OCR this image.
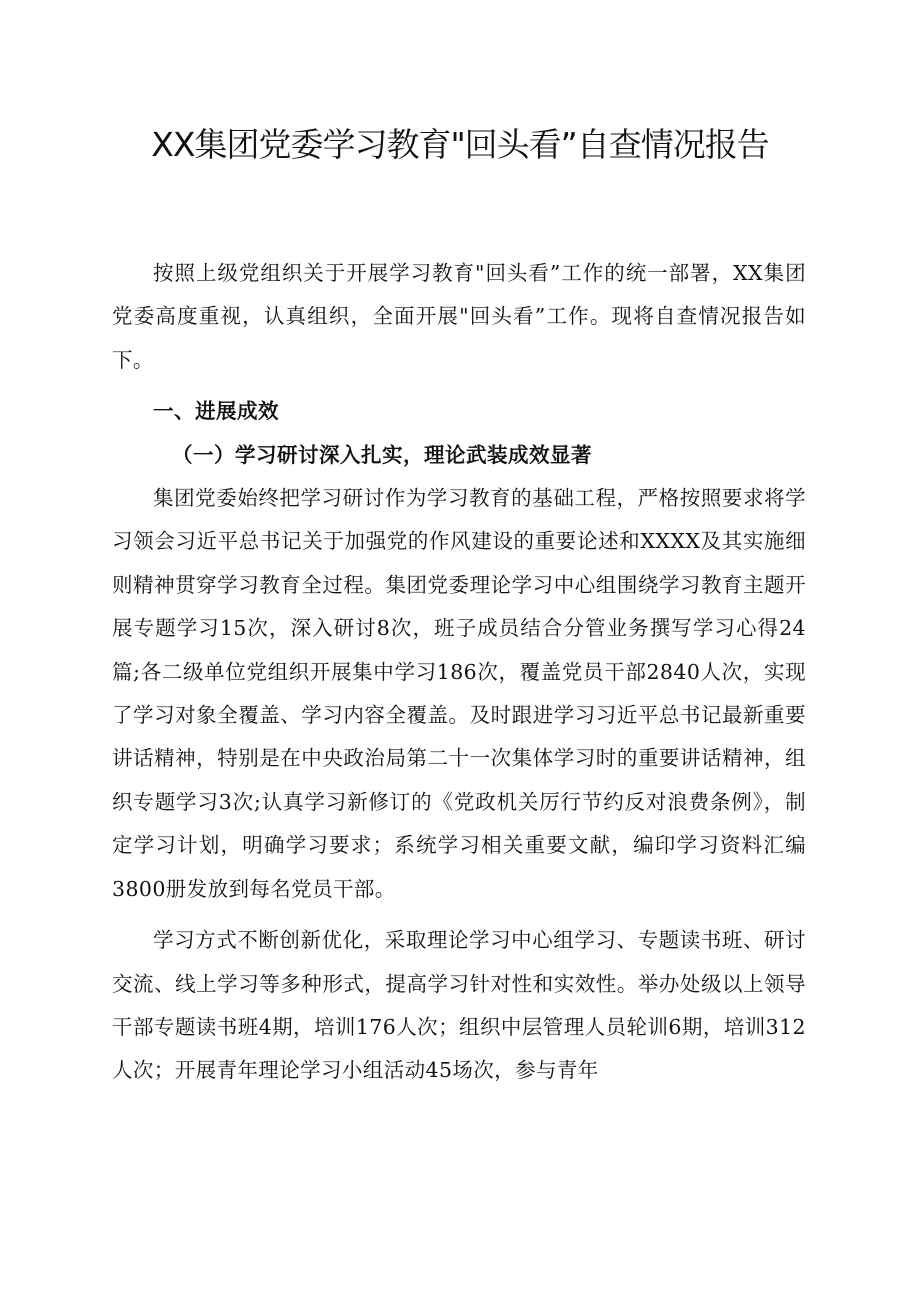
XX集团党委学习教育"回头看”自查情况报告

按照上级党组织关于开展学习教育"回头看”工作的统一部署，XX集团党委高度重视，认真组织，全面开展"回头看”工作。现将自查情况报告如下。

一、进展成效

（一）学习研讨深入扎实，理论武装成效显著

集团党委始终把学习研讨作为学习教育的基础工程，严格按照要求将学习领会习近平总书记关于加强党的作风建设的重要论述和XXXX及其实施细则精神贯穿学习教育全过程。集团党委理论学习中心组围绕学习教育主题开展专题学习15次，深入研讨8次，班子成员结合分管业务撰写学习心得24篇;各二级单位党组织开展集中学习186次，覆盖党员干部2840人次，实现了学习对象全覆盖、学习内容全覆盖。及时跟进学习习近平总书记最新重要讲话精神，特别是在中央政治局第二十一次集体学习时的重要讲话精神，组织专题学习3次;认真学习新修订的《党政机关厉行节约反对浪费条例》，制定学习计划，明确学习要求；系统学习相关重要文献，编印学习资料汇编3800册发放到每名党员干部。

学习方式不断创新优化，采取理论学习中心组学习、专题读书班、研讨交流、线上学习等多种形式，提高学习针对性和实效性。举办处级以上领导干部专题读书班4期，培训176人次；组织中层管理人员轮训6期，培训312人次；开展青年理论学习小组活动45场次，参与青年
